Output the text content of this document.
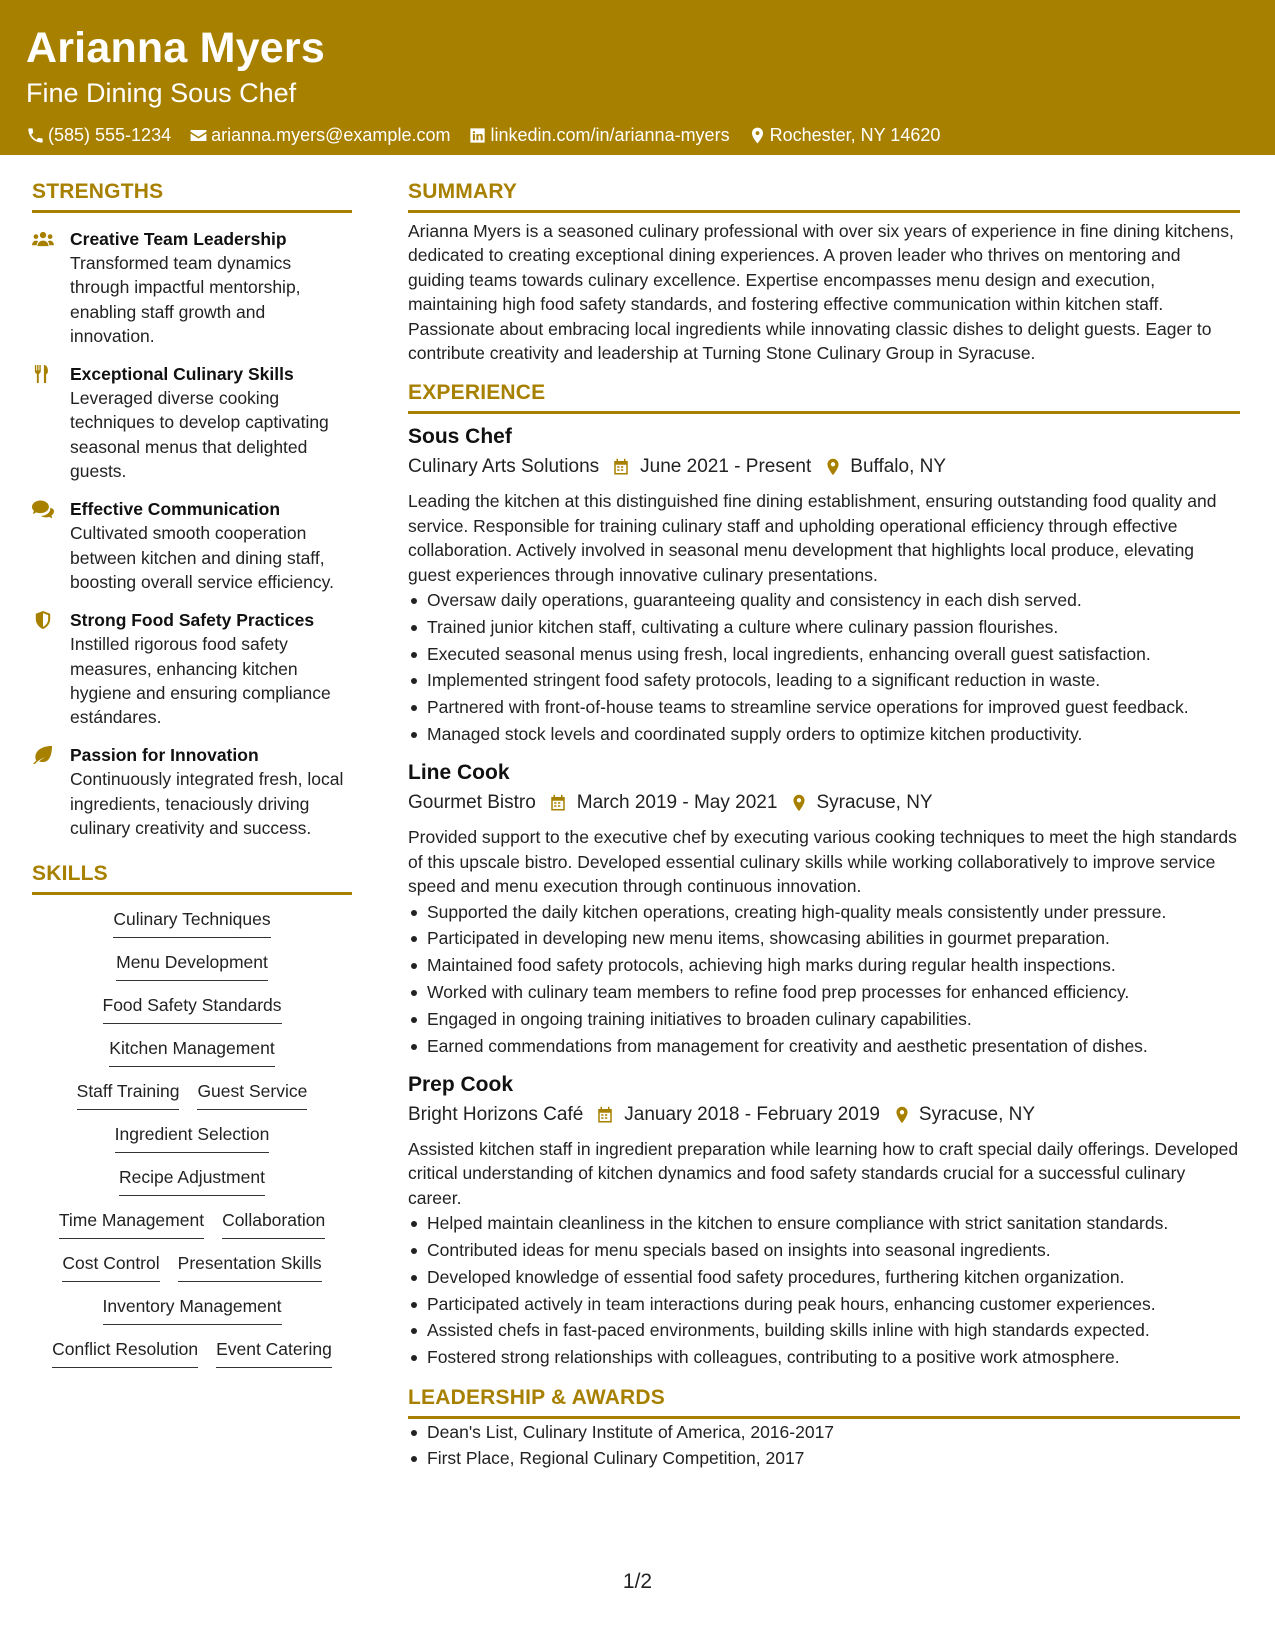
Arianna Myers
Fine Dining Sous Chef
(585) 555-1234 arianna.myers@example.com linkedin.com/in/arianna-myers Rochester, NY 14620
STRENGTHS
Creative Team Leadership
Transformed team dynamics through impactful mentorship, enabling staff growth and innovation.
Exceptional Culinary Skills
Leveraged diverse cooking techniques to develop captivating seasonal menus that delighted guests.
Effective Communication
Cultivated smooth cooperation between kitchen and dining staff, boosting overall service efficiency.
Strong Food Safety Practices
Instilled rigorous food safety measures, enhancing kitchen hygiene and ensuring compliance estándares.
Passion for Innovation
Continuously integrated fresh, local ingredients, tenaciously driving culinary creativity and success.
SKILLS
Culinary Techniques
Menu Development
Food Safety Standards
Kitchen Management
Staff Training Guest Service
Ingredient Selection
Recipe Adjustment
Time Management Collaboration
Cost Control Presentation Skills
Inventory Management
Conflict Resolution Event Catering
SUMMARY
Arianna Myers is a seasoned culinary professional with over six years of experience in fine dining kitchens, dedicated to creating exceptional dining experiences. A proven leader who thrives on mentoring and guiding teams towards culinary excellence. Expertise encompasses menu design and execution, maintaining high food safety standards, and fostering effective communication within kitchen staff. Passionate about embracing local ingredients while innovating classic dishes to delight guests. Eager to contribute creativity and leadership at Turning Stone Culinary Group in Syracuse.
EXPERIENCE
Sous Chef
Culinary Arts Solutions June 2021 - Present Buffalo, NY
Leading the kitchen at this distinguished fine dining establishment, ensuring outstanding food quality and service. Responsible for training culinary staff and upholding operational efficiency through effective collaboration. Actively involved in seasonal menu development that highlights local produce, elevating guest experiences through innovative culinary presentations.
Oversaw daily operations, guaranteeing quality and consistency in each dish served.
Trained junior kitchen staff, cultivating a culture where culinary passion flourishes.
Executed seasonal menus using fresh, local ingredients, enhancing overall guest satisfaction.
Implemented stringent food safety protocols, leading to a significant reduction in waste.
Partnered with front-of-house teams to streamline service operations for improved guest feedback.
Managed stock levels and coordinated supply orders to optimize kitchen productivity.
Line Cook
Gourmet Bistro March 2019 - May 2021 Syracuse, NY
Provided support to the executive chef by executing various cooking techniques to meet the high standards of this upscale bistro. Developed essential culinary skills while working collaboratively to improve service speed and menu execution through continuous innovation.
Supported the daily kitchen operations, creating high-quality meals consistently under pressure.
Participated in developing new menu items, showcasing abilities in gourmet preparation.
Maintained food safety protocols, achieving high marks during regular health inspections.
Worked with culinary team members to refine food prep processes for enhanced efficiency.
Engaged in ongoing training initiatives to broaden culinary capabilities.
Earned commendations from management for creativity and aesthetic presentation of dishes.
Prep Cook
Bright Horizons Café January 2018 - February 2019 Syracuse, NY
Assisted kitchen staff in ingredient preparation while learning how to craft special daily offerings. Developed critical understanding of kitchen dynamics and food safety standards crucial for a successful culinary career.
Helped maintain cleanliness in the kitchen to ensure compliance with strict sanitation standards.
Contributed ideas for menu specials based on insights into seasonal ingredients.
Developed knowledge of essential food safety procedures, furthering kitchen organization.
Participated actively in team interactions during peak hours, enhancing customer experiences.
Assisted chefs in fast-paced environments, building skills inline with high standards expected.
Fostered strong relationships with colleagues, contributing to a positive work atmosphere.
LEADERSHIP & AWARDS
Dean's List, Culinary Institute of America, 2016-2017
First Place, Regional Culinary Competition, 2017
1/2
